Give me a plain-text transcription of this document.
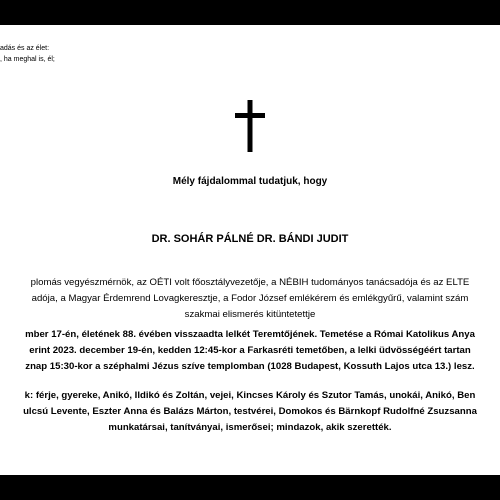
adás és az élet:
, ha meghal is, él;
Mély fájdalommal tudatjuk, hogy
DR. SOHÁR PÁLNÉ DR. BÁNDI JUDIT
plomás vegyészmérnök, az OÉTI volt főosztályvezetője, a NÉBIH tudományos tanácsadója és az ELTE
adója, a Magyar Érdemrend Lovagkeresztje, a Fodor József emlékérem és emlékgyűrű, valamint szám
szakmai elismerés kitüntetettje
mber 17-én, életének 88. évében visszaadta lelkét Teremtőjének. Temetése a Római Katolikus Anya
erint 2023. december 19-én, kedden 12:45-kor a Farkasréti temetőben, a lelki üdvösségéért tartan
znap 15:30-kor a széphalmi Jézus szíve templomban (1028 Budapest, Kossuth Lajos utca 13.) lesz.
k: férje, gyereke, Anikó, Ildikó és Zoltán, vejei, Kincses Károly és Szutor Tamás, unokái, Anikó, Ben
ulcsú Levente, Eszter Anna és Balázs Márton, testvérei, Domokos és Bärnkopf Rudolfné Zsuzsanna
munkatársai, tanítványai, ismerősei; mindazok, akik szerették.
